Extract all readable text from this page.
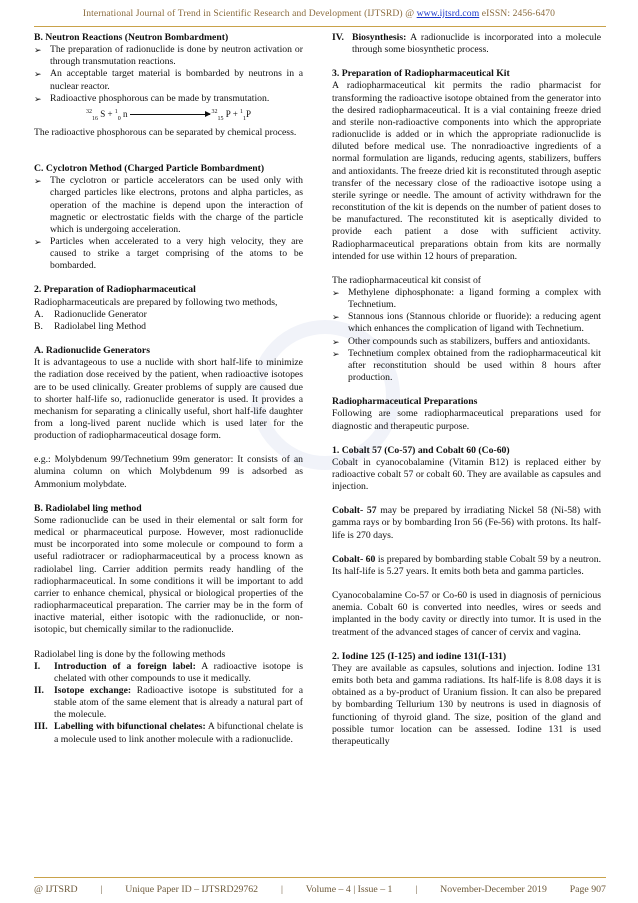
International Journal of Trend in Scientific Research and Development (IJTSRD) @ www.ijtsrd.com eISSN: 2456-6470
B. Neutron Reactions (Neutron Bombardment)
➢ The preparation of radionuclide is done by neutron activation or through transmutation reactions.
➢ An acceptable target material is bombarded by neutrons in a nuclear reactor.
➢ Radioactive phosphorous can be made by transmutation.
$^{32}_{16}$ S + $^1_0$ n	$^{32}_{15}$ P + $^1_1$P

The radioactive phosphorous can be separated by chemical process.

C. Cyclotron Method (Charged Particle Bombardment)
➢ The cyclotron or particle accelerators can be used only with charged particles like electrons, protons and alpha particles, as operation of the machine is depend upon the interaction of magnetic or electrostatic fields with the charge of the particle which is undergoing acceleration.
➢ Particles when accelerated to a very high velocity, they are caused to strike a target comprising of the atoms to be bombarded.
2. Preparation of Radiopharmaceutical
Radiopharmaceuticals are prepared by following two methods,
A. Radionuclide Generator
B. Radiolabel ling Method
A. Radionuclide Generators

It is advantageous to use a nuclide with short half-life to minimize the radiation dose received by the patient, when radioactive isotopes are to be used clinically. Greater problems of supply are caused due to shorter half-life so, radionuclide generator is used. It provides a mechanism for separating a clinically useful, short half-life daughter from a long-lived parent nuclide which is used later for the production of radiopharmaceutical dosage form.

e.g.: Molybdenum 99/Technetium 99m generator: It consists of an alumina column on which Molybdenum 99 is adsorbed as Ammonium molybdate.

B. Radiolabel ling method

Some radionuclide can be used in their elemental or salt form for medical or pharmaceutical purpose. However, most radionuclide must be incorporated into some molecule or compound to form a useful radiotracer or radiopharmaceutical by a process known as radiolabel ling. Carrier addition permits ready handling of the radiopharmaceutical. In some conditions it will be important to add carrier to enhance chemical, physical or biological properties of the radiopharmaceutical preparation. The carrier may be in the form of inactive material, either isotopic with the radionuclide, or non-isotopic, but chemically similar to the radionuclide.

Radiolabel ling is done by the following methods
I. Introduction of a foreign label: A radioactive isotope is chelated with other compounds to use it medically.
II. Isotope exchange: Radioactive isotope is substituted for a stable atom of the same element that is already a natural part of the molecule.
III. Labelling with bifunctional chelates: A bifunctional chelate is a molecule used to link another molecule with a radionuclide.
IV. Biosynthesis: A radionuclide is incorporated into a molecule through some biosynthetic process.
3. Preparation of Radiopharmaceutical Kit

A radiopharmaceutical kit permits the radio pharmacist for transforming the radioactive isotope obtained from the generator into the desired radiopharmaceutical. It is a vial containing freeze dried and sterile non-radioactive components into which the appropriate radionuclide is added or in which the appropriate radionuclide is diluted before medical use. The nonradioactive ingredients of a normal formulation are ligands, reducing agents, stabilizers, buffers and antioxidants. The freeze dried kit is reconstituted through aseptic transfer of the necessary close of the radioactive isotope using a sterile syringe or needle. The amount of activity withdrawn for the reconstitution of the kit is depends on the number of patient doses to be manufactured. The reconstituted kit is aseptically divided to provide each patient a dose with sufficient activity. Radiopharmaceutical preparations obtain from kits are normally intended for use within 12 hours of preparation.

The radiopharmaceutical kit consist of
➢ Methylene diphosphonate: a ligand forming a complex with Technetium.
➢ Stannous ions (Stannous chloride or fluoride): a reducing agent which enhances the complication of ligand with Technetium.
➢ Other compounds such as stabilizers, buffers and antioxidants.
➢ Technetium complex obtained from the radiopharmaceutical kit after reconstitution should be used within 8 hours after production.
Radiopharmaceutical Preparations

Following are some radiopharmaceutical preparations used for diagnostic and therapeutic purpose.

1. Cobalt 57 (Co-57) and Cobalt 60 (Co-60)

Cobalt in cyanocobalamine (Vitamin B12) is replaced either by radioactive cobalt 57 or cobalt 60. They are available as capsules and injection.

Cobalt- 57 may be prepared by irradiating Nickel 58 (Ni-58) with gamma rays or by bombarding Iron 56 (Fe-56) with protons. Its half-life is 270 days.

Cobalt- 60 is prepared by bombarding stable Cobalt 59 by a neutron. Its half-life is 5.27 years. It emits both beta and gamma particles.

Cyanocobalamine Co-57 or Co-60 is used in diagnosis of pernicious anemia. Cobalt 60 is converted into needles, wires or seeds and implanted in the body cavity or directly into tumor. It is used in the treatment of the advanced stages of cancer of cervix and vagina.

2. Iodine 125 (I-125) and iodine 131(I-131)
They are available as capsules, solutions and injection. Iodine 131 emits both beta and gamma radiations. Its half-life is 8.08 days it is obtained as a by-product of Uranium fission. It can also be prepared by bombarding Tellurium 130 by neutrons is used in diagnosis of functioning of thyroid gland. The size, position of the gland and possible tumor location can be assessed. Iodine 131 is used therapeutically
@ IJTSRD | Unique Paper ID – IJTSRD29762 | Volume – 4 | Issue – 1 | November-December 2019 Page 907
